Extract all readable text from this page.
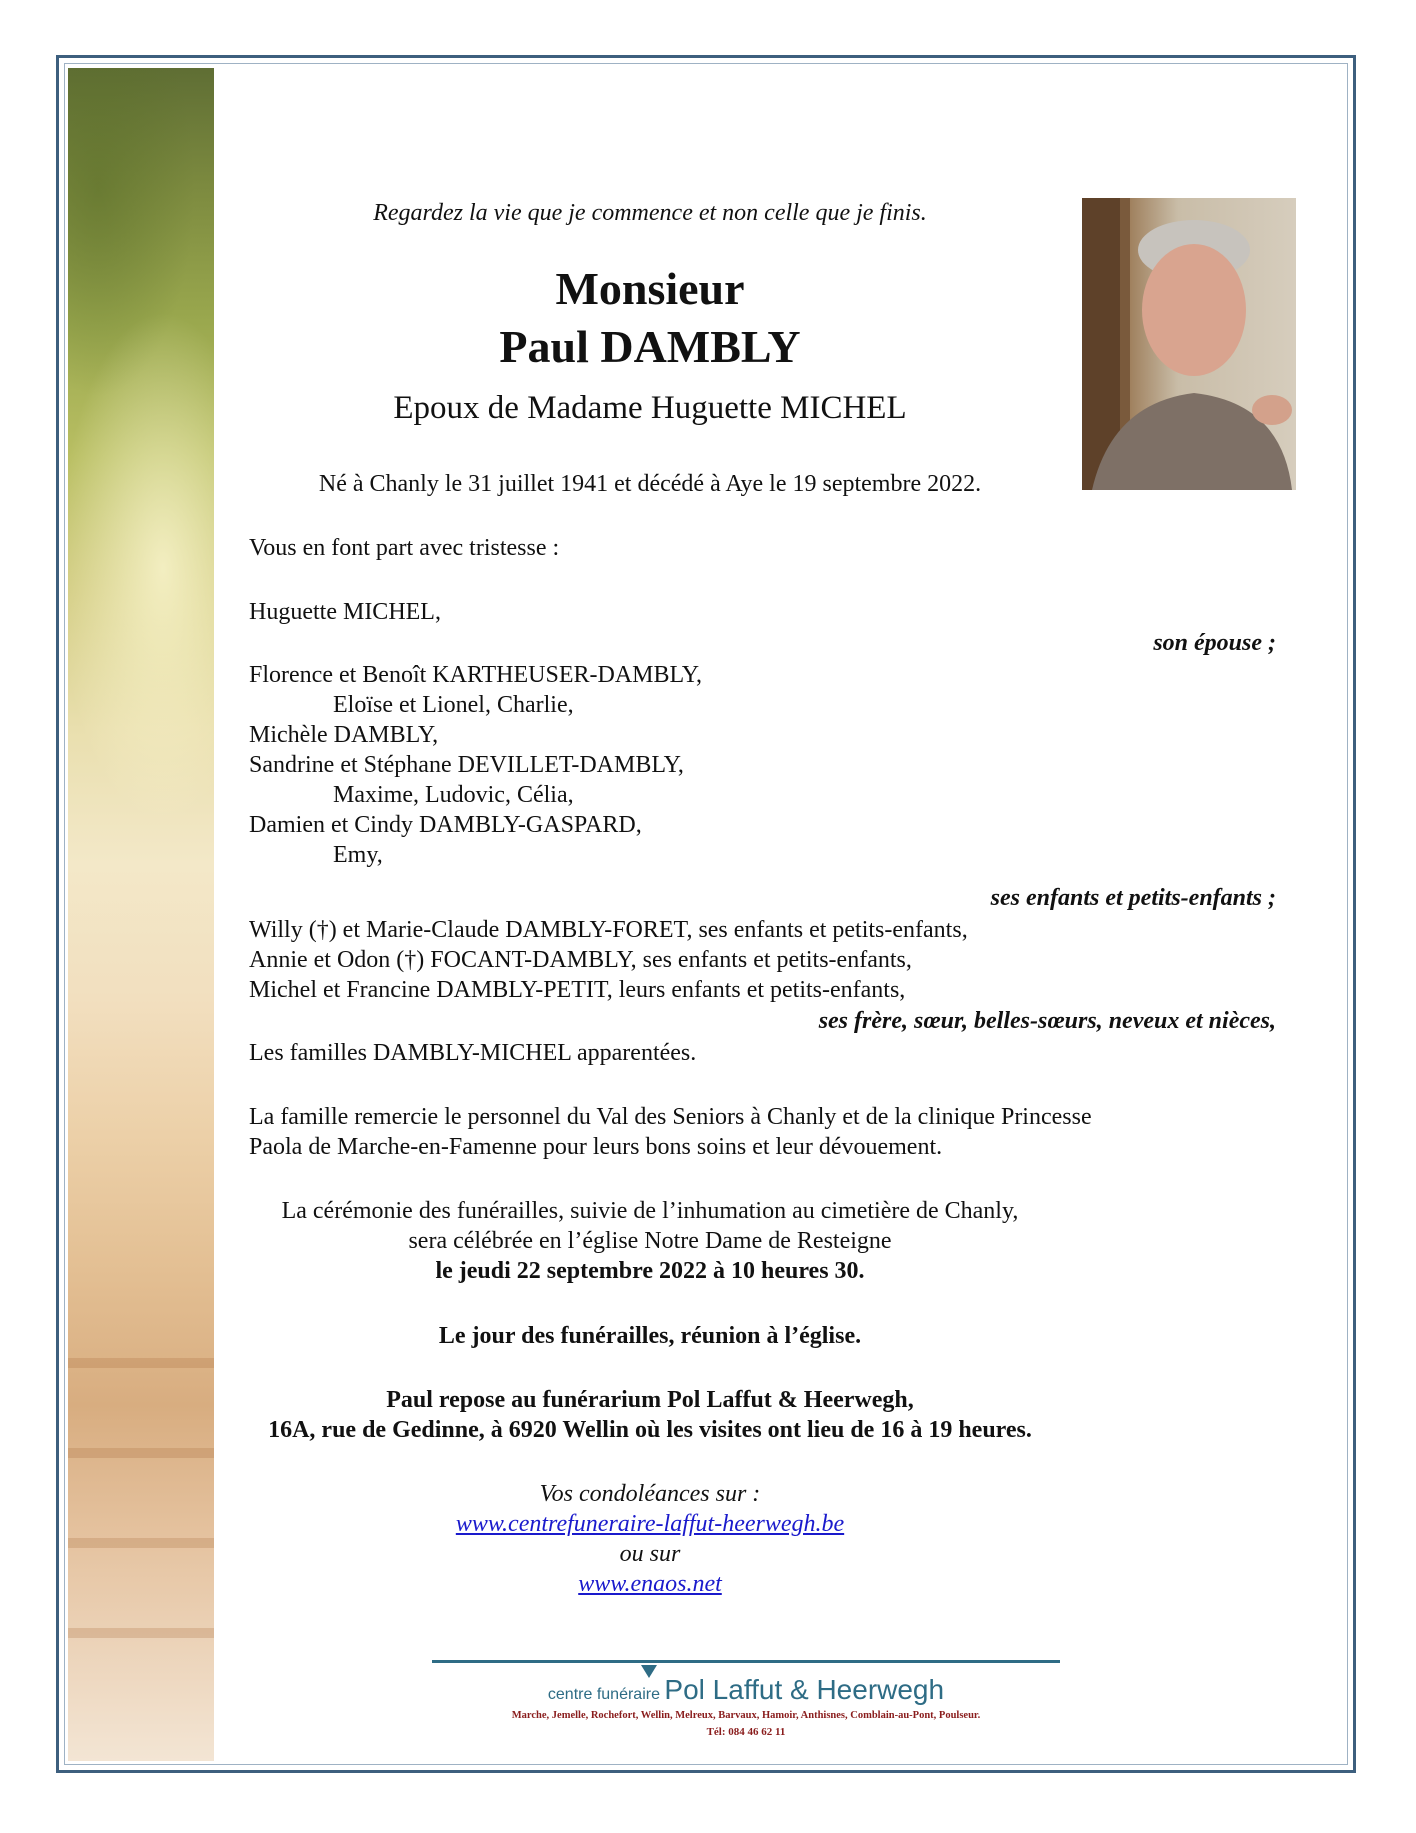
Regardez la vie que je commence et non celle que je finis.

Monsieur

Paul DAMBLY

Epoux de Madame Huguette MICHEL

Né à Chanly le 31 juillet 1941 et décédé à Aye le 19 septembre 2022.

Vous en font part avec tristesse :

Huguette MICHEL,

son épouse ;

Florence et Benoît KARTHEUSER-DAMBLY,

Eloïse et Lionel, Charlie,

Michèle DAMBLY,

Sandrine et Stéphane DEVILLET-DAMBLY,

Maxime, Ludovic, Célia,

Damien et Cindy DAMBLY-GASPARD,

Emy,

ses enfants et petits-enfants ;

Willy (†) et Marie-Claude DAMBLY-FORET, ses enfants et petits-enfants,

Annie et Odon (†) FOCANT-DAMBLY, ses enfants et petits-enfants,

Michel et Francine DAMBLY-PETIT, leurs enfants et petits-enfants,

ses frère, sœur, belles-sœurs, neveux et nièces,

Les familles DAMBLY-MICHEL apparentées.

La famille remercie le personnel du Val des Seniors à Chanly et de la clinique Princesse

Paola de Marche-en-Famenne pour leurs bons soins et leur dévouement.

La cérémonie des funérailles, suivie de l’inhumation au cimetière de Chanly,

sera célébrée en l’église Notre Dame de Resteigne

le jeudi 22 septembre 2022 à 10 heures 30.

Le jour des funérailles, réunion à l’église.

Paul repose au funérarium Pol Laffut & Heerwegh,

16A, rue de Gedinne, à 6920 Wellin où les visites ont lieu de 16 à 19 heures.

Vos condoléances sur :

www.centrefuneraire-laffut-heerwegh.be

ou sur

www.enaos.net

centre funéraire Pol Laffut & Heerwegh

Marche, Jemelle, Rochefort, Wellin, Melreux, Barvaux, Hamoir, Anthisnes, Comblain-au-Pont, Poulseur.

Tél: 084 46 62 11
